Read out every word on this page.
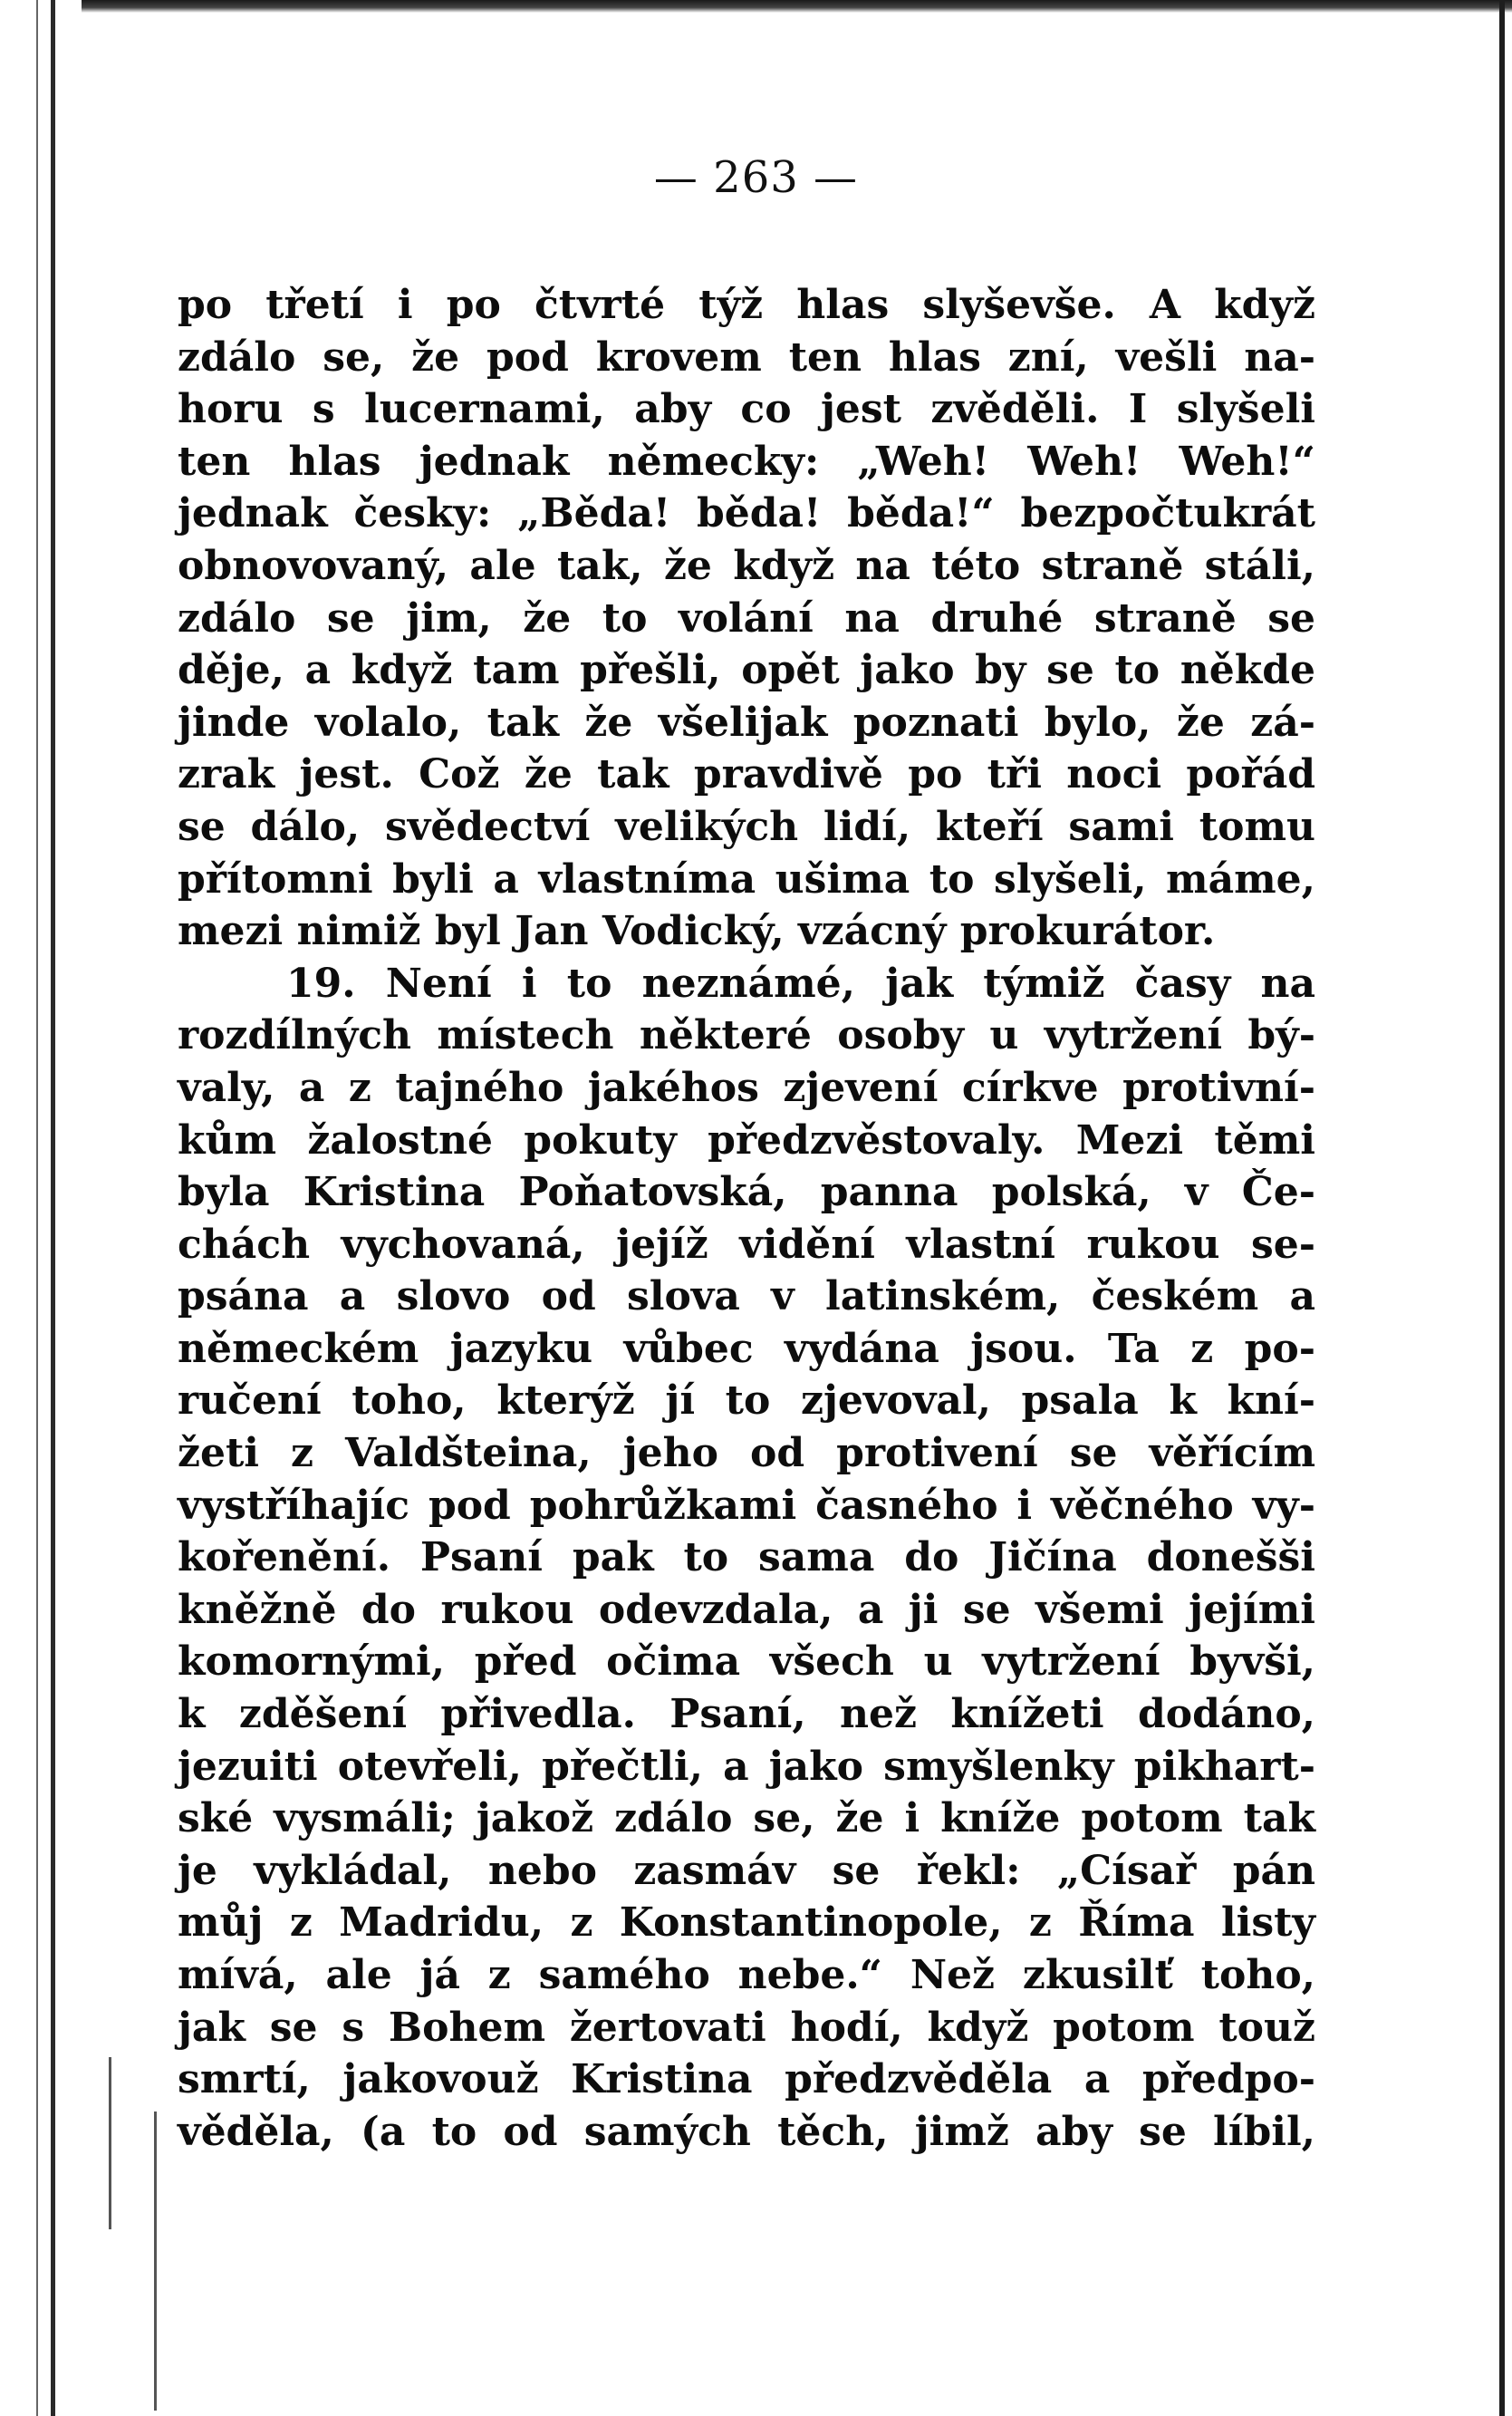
— 263 —
po třetí i po čtvrté týž hlas slyševše. A když
zdálo se, že pod krovem ten hlas zní, vešli na-
horu s lucernami, aby co jest zvěděli. I slyšeli
ten hlas jednak německy: „Weh! Weh! Weh!“
jednak česky: „Běda! běda! běda!“ bezpočtukrát
obnovovaný, ale tak, že když na této straně stáli,
zdálo se jim, že to volání na druhé straně se
děje, a když tam přešli, opět jako by se to někde
jinde volalo, tak že všelijak poznati bylo, že zá-
zrak jest. Což že tak pravdivě po tři noci pořád
se dálo, svědectví velikých lidí, kteří sami tomu
přítomni byli a vlastníma ušima to slyšeli, máme,
mezi nimiž byl Jan Vodický, vzácný prokurátor.
19. Není i to neznámé, jak týmiž časy na
rozdílných místech některé osoby u vytržení bý-
valy, a z tajného jakéhos zjevení církve protivní-
kům žalostné pokuty předzvěstovaly. Mezi těmi
byla Kristina Poňatovská, panna polská, v Če-
chách vychovaná, jejíž vidění vlastní rukou se-
psána a slovo od slova v latinském, českém a
německém jazyku vůbec vydána jsou. Ta z po-
ručení toho, kterýž jí to zjevoval, psala k kní-
žeti z Valdšteina, jeho od protivení se věřícím
vystříhajíc pod pohrůžkami časného i věčného vy-
kořenění. Psaní pak to sama do Jičína donešši
kněžně do rukou odevzdala, a ji se všemi jejími
komornými, před očima všech u vytržení byvši,
k zděšení přivedla. Psaní, než knížeti dodáno,
jezuiti otevřeli, přečtli, a jako smyšlenky pikhart-
ské vysmáli; jakož zdálo se, že i kníže potom tak
je vykládal, nebo zasmáv se řekl: „Císař pán
můj z Madridu, z Konstantinopole, z Říma listy
mívá, ale já z samého nebe.“ Než zkusilť toho,
jak se s Bohem žertovati hodí, když potom touž
smrtí, jakovouž Kristina předzvěděla a předpo-
věděla, (a to od samých těch, jimž aby se líbil,
